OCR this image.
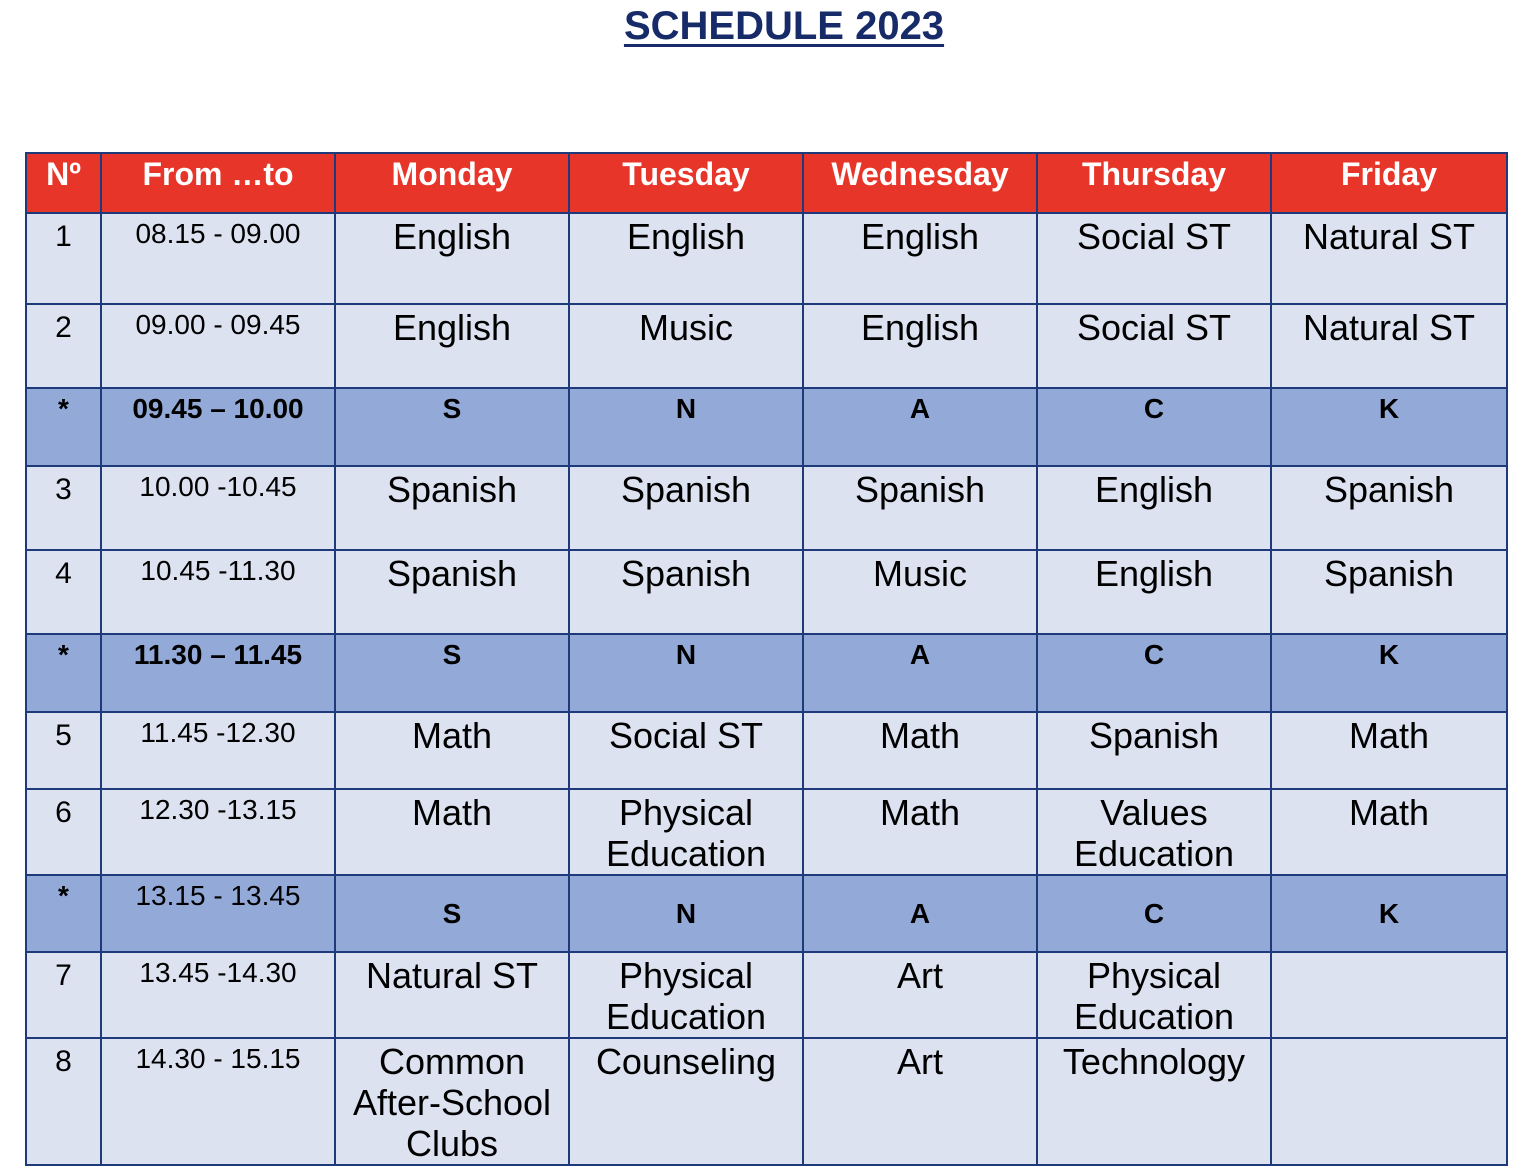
SCHEDULE 2023
Nº	From …to	Monday	Tuesday	Wednesday	Thursday	Friday
1	08.15 - 09.00	English	English	English	Social ST	Natural ST
2	09.00 - 09.45	English	Music	English	Social ST	Natural ST
*	09.45 – 10.00	S	N	A	C	K
3	10.00 -10.45	Spanish	Spanish	Spanish	English	Spanish
4	10.45 -11.30	Spanish	Spanish	Music	English	Spanish
*	11.30 – 11.45	S	N	A	C	K
5	11.45 -12.30	Math	Social ST	Math	Spanish	Math
6	12.30 -13.15	Math	Physical Education	Math	Values Education	Math
*	13.15 - 13.45	S	N	A	C	K
7	13.45 -14.30	Natural ST	Physical Education	Art	Physical Education	
8	14.30 - 15.15	Common After-School Clubs	Counseling	Art	Technology	
